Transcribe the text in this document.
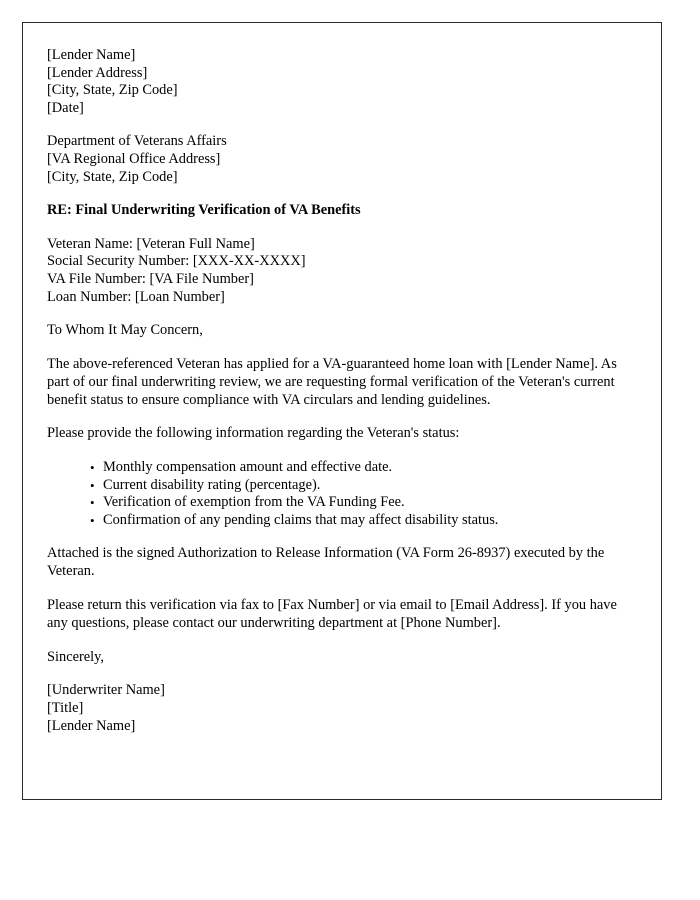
[Lender Name]
[Lender Address]
[City, State, Zip Code]
[Date]
Department of Veterans Affairs
[VA Regional Office Address]
[City, State, Zip Code]
RE: Final Underwriting Verification of VA Benefits
Veteran Name: [Veteran Full Name]
Social Security Number: [XXX-XX-XXXX]
VA File Number: [VA File Number]
Loan Number: [Loan Number]

To Whom It May Concern,

The above-referenced Veteran has applied for a VA-guaranteed home loan with [Lender Name]. As part of our final underwriting review, we are requesting formal verification of the Veteran's current benefit status to ensure compliance with VA circulars and lending guidelines.

Please provide the following information regarding the Veteran's status:

• Monthly compensation amount and effective date.
• Current disability rating (percentage).
• Verification of exemption from the VA Funding Fee.
• Confirmation of any pending claims that may affect disability status.

Attached is the signed Authorization to Release Information (VA Form 26-8937) executed by the Veteran.

Please return this verification via fax to [Fax Number] or via email to [Email Address]. If you have any questions, please contact our underwriting department at [Phone Number].

Sincerely,

[Underwriter Name]
[Title]
[Lender Name]
